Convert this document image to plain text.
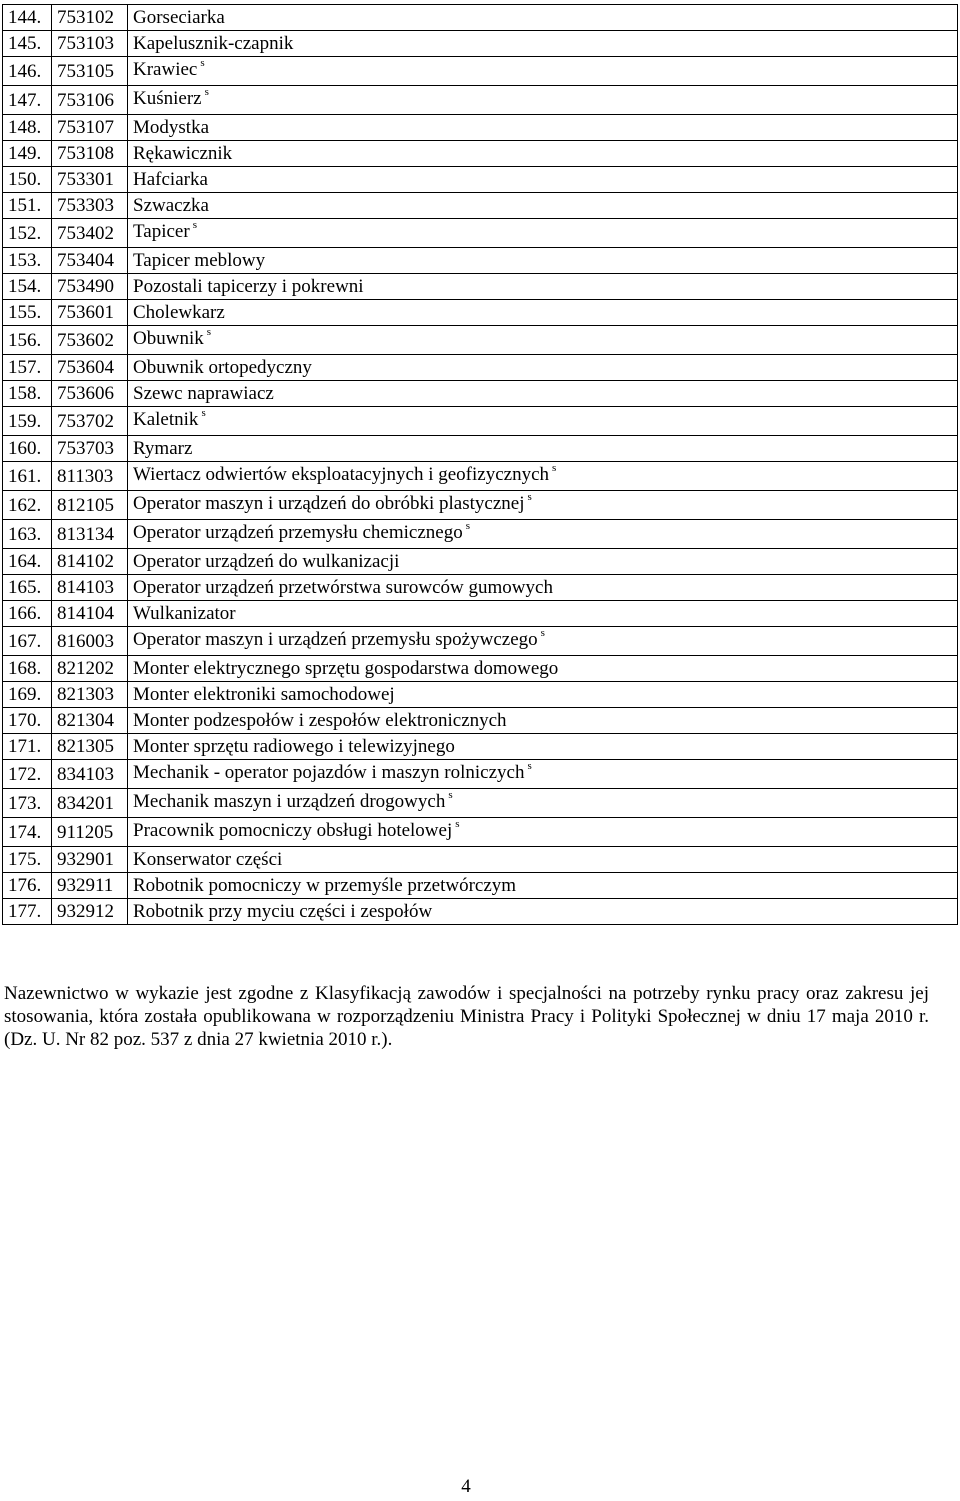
144.	753102	Gorseciarka
145.	753103	Kapelusznik-czapnik
146.	753105	Krawiec $^s$
147.	753106	Kuśnierz $^s$
148.	753107	Modystka
149.	753108	Rękawicznik
150.	753301	Hafciarka
151.	753303	Szwaczka
152.	753402	Tapicer $^s$
153.	753404	Tapicer meblowy
154.	753490	Pozostali tapicerzy i pokrewni
155.	753601	Cholewkarz
156.	753602	Obuwnik $^s$
157.	753604	Obuwnik ortopedyczny
158.	753606	Szewc naprawiacz
159.	753702	Kaletnik $^s$
160.	753703	Rymarz
161.	811303	Wiertacz odwiertów eksploatacyjnych i geofizycznych $^s$
162.	812105	Operator maszyn i urządzeń do obróbki plastycznej $^s$
163.	813134	Operator urządzeń przemysłu chemicznego $^s$
164.	814102	Operator urządzeń do wulkanizacji
165.	814103	Operator urządzeń przetwórstwa surowców gumowych
166.	814104	Wulkanizator
167.	816003	Operator maszyn i urządzeń przemysłu spożywczego $^s$
168.	821202	Monter elektrycznego sprzętu gospodarstwa domowego
169.	821303	Monter elektroniki samochodowej
170.	821304	Monter podzespołów i zespołów elektronicznych
171.	821305	Monter sprzętu radiowego i telewizyjnego
172.	834103	Mechanik - operator pojazdów i maszyn rolniczych $^s$
173.	834201	Mechanik maszyn i urządzeń drogowych $^s$
174.	911205	Pracownik pomocniczy obsługi hotelowej $^s$
175.	932901	Konserwator części
176.	932911	Robotnik pomocniczy w przemyśle przetwórczym
177.	932912	Robotnik przy myciu części i zespołów

Nazewnictwo w wykazie jest zgodne z Klasyfikacją zawodów i specjalności na potrzeby rynku pracy oraz zakresu jej stosowania, która została opublikowana w rozporządzeniu Ministra Pracy i Polityki Społecznej w dniu 17 maja 2010 r. (Dz. U. Nr 82 poz. 537 z dnia 27 kwietnia 2010 r.).

4
